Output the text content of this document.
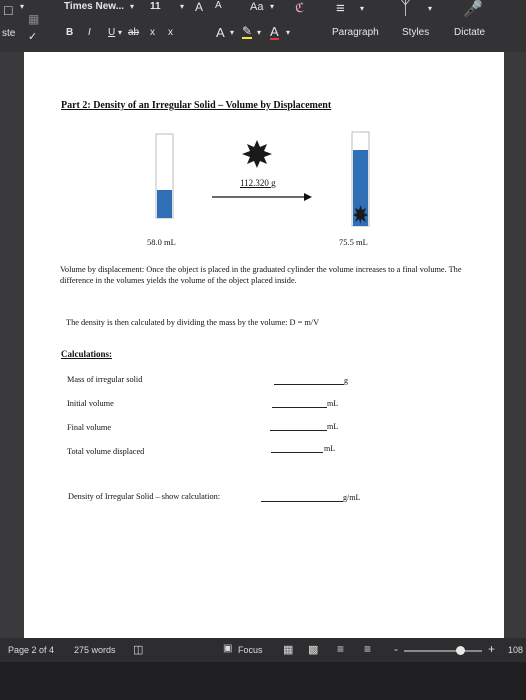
□ ▾
▦
ste ✓
Times New... ▾ 11 ▾ A A	Aa ▾ ℭ
B I U ▾ ab x x	A ▾ ✎ ▾ A ▾
≡ ▾
Paragraph
ᛉ ▾
Styles
🎤
Dictate
Part 2: Density of an Irregular Solid – Volume by Displacement
112.320 g
58.0 mL	75.5 mL
Volume by displacement: Once the object is placed in the graduated cylinder the volume increases to a final volume. The difference in the volumes yields the volume of the object placed inside.
The density is then calculated by dividing the mass by the volume: D = m/V
Calculations:
Mass of irregular solid	g
Initial volume	mL
Final volume	mL
Total volume displaced	mL
Density of Irregular Solid – show calculation:	g/mL
Page 2 of 4 275 words ◫	▣ Focus ▦ ▩ ≡ ≡ -	+ 108
